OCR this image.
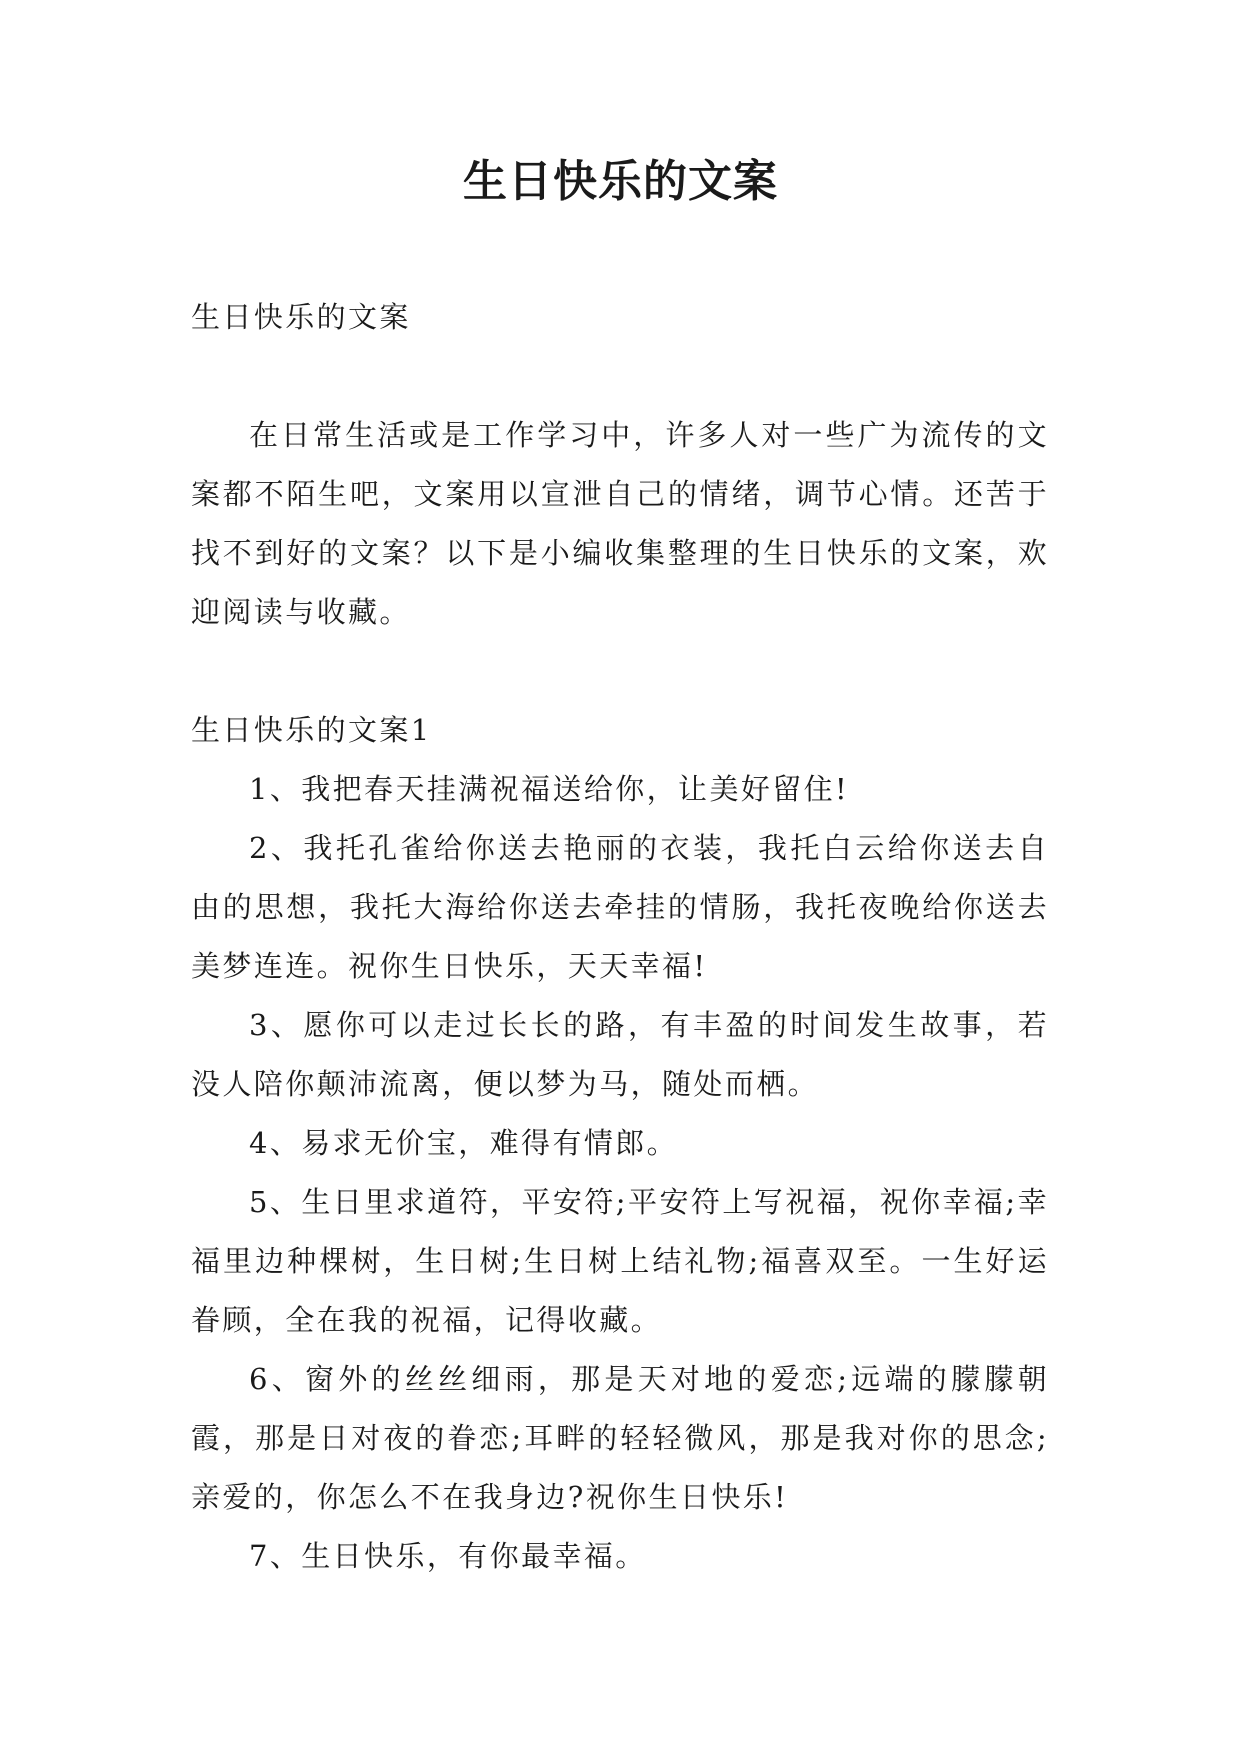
生日快乐的文案

生日快乐的文案

在日常生活或是工作学习中，许多人对一些广为流传的文案都不陌生吧，文案用以宣泄自己的情绪，调节心情。还苦于找不到好的文案？以下是小编收集整理的生日快乐的文案，欢迎阅读与收藏。

生日快乐的文案1

1、我把春天挂满祝福送给你，让美好留住!

2、我托孔雀给你送去艳丽的衣装，我托白云给你送去自由的思想，我托大海给你送去牵挂的情肠，我托夜晚给你送去美梦连连。祝你生日快乐，天天幸福!

3、愿你可以走过长长的路，有丰盈的时间发生故事，若没人陪你颠沛流离，便以梦为马，随处而栖。

4、易求无价宝，难得有情郎。

5、生日里求道符，平安符;平安符上写祝福，祝你幸福;幸福里边种棵树，生日树;生日树上结礼物;福喜双至。一生好运眷顾，全在我的祝福，记得收藏。

6、窗外的丝丝细雨，那是天对地的爱恋;远端的朦朦朝霞，那是日对夜的眷恋;耳畔的轻轻微风，那是我对你的思念;亲爱的，你怎么不在我身边?祝你生日快乐!

7、生日快乐，有你最幸福。
